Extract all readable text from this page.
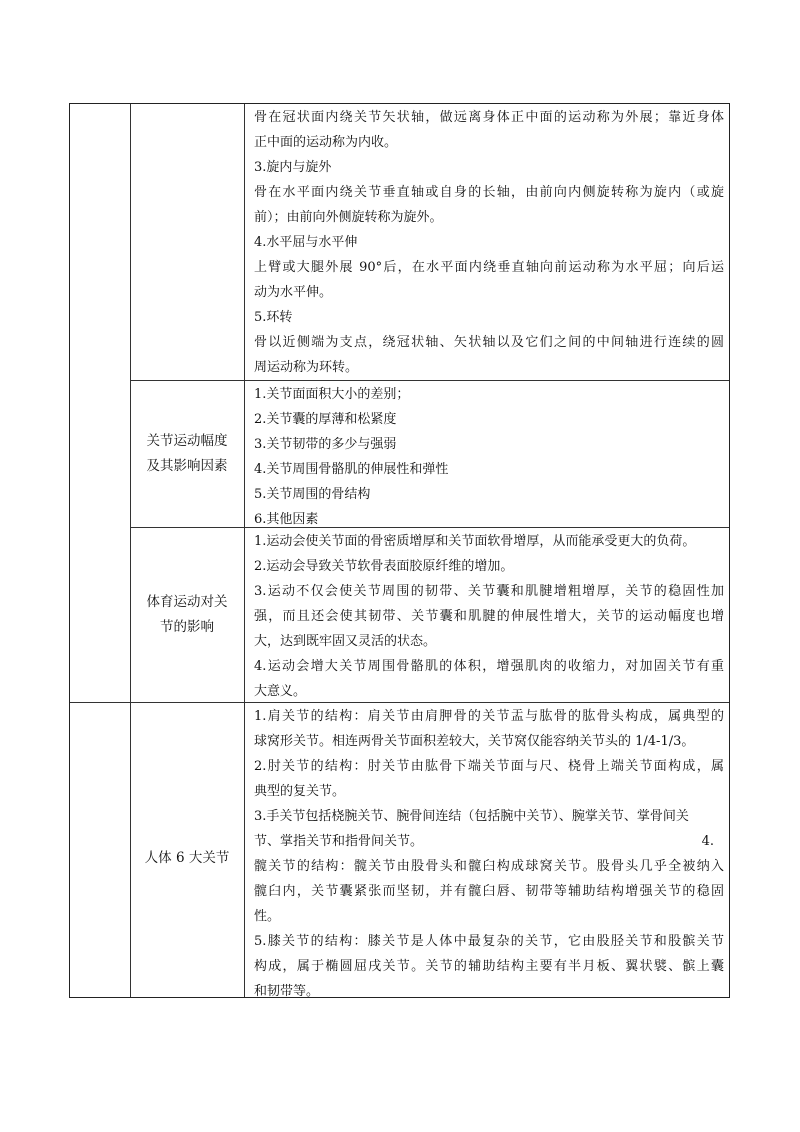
骨在冠状面内绕关节矢状轴，做远离身体正中面的运动称为外展；靠近身体
正中面的运动称为内收。
3.旋内与旋外
骨在水平面内绕关节垂直轴或自身的长轴，由前向内侧旋转称为旋内（或旋
前）；由前向外侧旋转称为旋外。
4.水平屈与水平伸
上臂或大腿外展 90°后，在水平面内绕垂直轴向前运动称为水平屈；向后运
动为水平伸。
5.环转
骨以近侧端为支点，绕冠状轴、矢状轴以及它们之间的中间轴进行连续的圆
周运动称为环转。
关节运动幅度
及其影响因素
1.关节面面积大小的差别；
2.关节囊的厚薄和松紧度
3.关节韧带的多少与强弱
4.关节周围骨骼肌的伸展性和弹性
5.关节周围的骨结构
6.其他因素
体育运动对关
节的影响
1.运动会使关节面的骨密质增厚和关节面软骨增厚，从而能承受更大的负荷。
2.运动会导致关节软骨表面胶原纤维的增加。
3.运动不仅会使关节周围的韧带、关节囊和肌腱增粗增厚，关节的稳固性加
强，而且还会使其韧带、关节囊和肌腱的伸展性增大，关节的运动幅度也增
大，达到既牢固又灵活的状态。
4.运动会增大关节周围骨骼肌的体积，增强肌肉的收缩力，对加固关节有重
大意义。
人体 6 大关节
1.肩关节的结构：肩关节由肩胛骨的关节盂与肱骨的肱骨头构成，属典型的
球窝形关节。相连两骨关节面积差较大，关节窝仅能容纳关节头的 1/4-1/3。
2.肘关节的结构：肘关节由肱骨下端关节面与尺、桡骨上端关节面构成，属
典型的复关节。
3.手关节包括桡腕关节、腕骨间连结（包括腕中关节）、腕掌关节、掌骨间关
节、掌指关节和指骨间关节。	4.
髋关节的结构：髋关节由股骨头和髋臼构成球窝关节。股骨头几乎全被纳入
髋臼内，关节囊紧张而坚韧，并有髋臼唇、韧带等辅助结构增强关节的稳固
性。
5.膝关节的结构：膝关节是人体中最复杂的关节，它由股胫关节和股髌关节
构成，属于椭圆屈戌关节。关节的辅助结构主要有半月板、翼状襞、髌上囊
和韧带等。
